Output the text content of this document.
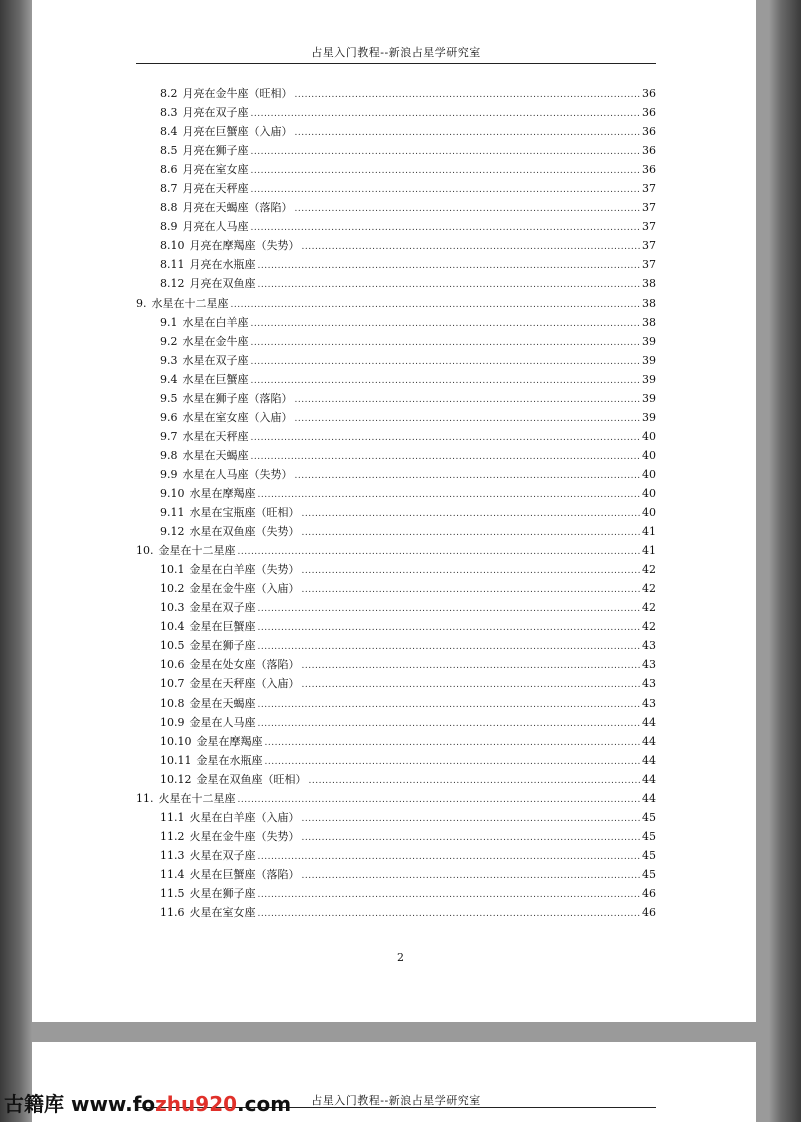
占星入门教程--新浪占星学研究室
8.2 月亮在金牛座（旺相） .....	36
8.3 月亮在双子座 .....	36
8.4 月亮在巨蟹座（入庙） .....	36
8.5 月亮在狮子座 .....	36
8.6 月亮在室女座 .....	36
8.7 月亮在天秤座 .....	37
8.8 月亮在天蝎座（落陷） .....	37
8.9 月亮在人马座 .....	37
8.10 月亮在摩羯座（失势） .....	37
8.11 月亮在水瓶座 .....	37
8.12 月亮在双鱼座 .....	38
9. 水星在十二星座 .....	38
9.1 水星在白羊座 .....	38
9.2 水星在金牛座 .....	39
9.3 水星在双子座 .....	39
9.4 水星在巨蟹座 .....	39
9.5 水星在狮子座（落陷） .....	39
9.6 水星在室女座（入庙） .....	39
9.7 水星在天秤座 .....	40
9.8 水星在天蝎座 .....	40
9.9 水星在人马座（失势） .....	40
9.10 水星在摩羯座 .....	40
9.11 水星在宝瓶座（旺相） .....	40
9.12 水星在双鱼座（失势） .....	41
10. 金星在十二星座 .....	41
10.1 金星在白羊座（失势） .....	42
10.2 金星在金牛座（入庙） .....	42
10.3 金星在双子座 .....	42
10.4 金星在巨蟹座 .....	42
10.5 金星在狮子座 .....	43
10.6 金星在处女座（落陷） .....	43
10.7 金星在天秤座（入庙） .....	43
10.8 金星在天蝎座 .....	43
10.9 金星在人马座 .....	44
10.10 金星在摩羯座 .....	44
10.11 金星在水瓶座 .....	44
10.12 金星在双鱼座（旺相） .....	44
11. 火星在十二星座 .....	44
11.1 火星在白羊座（入庙） .....	45
11.2 火星在金牛座（失势） .....	45
11.3 火星在双子座 .....	45
11.4 火星在巨蟹座（落陷） .....	45
11.5 火星在狮子座 .....	46
11.6 火星在室女座 .....	46
2
占星入门教程--新浪占星学研究室
古籍库 www.fozhu920.com
